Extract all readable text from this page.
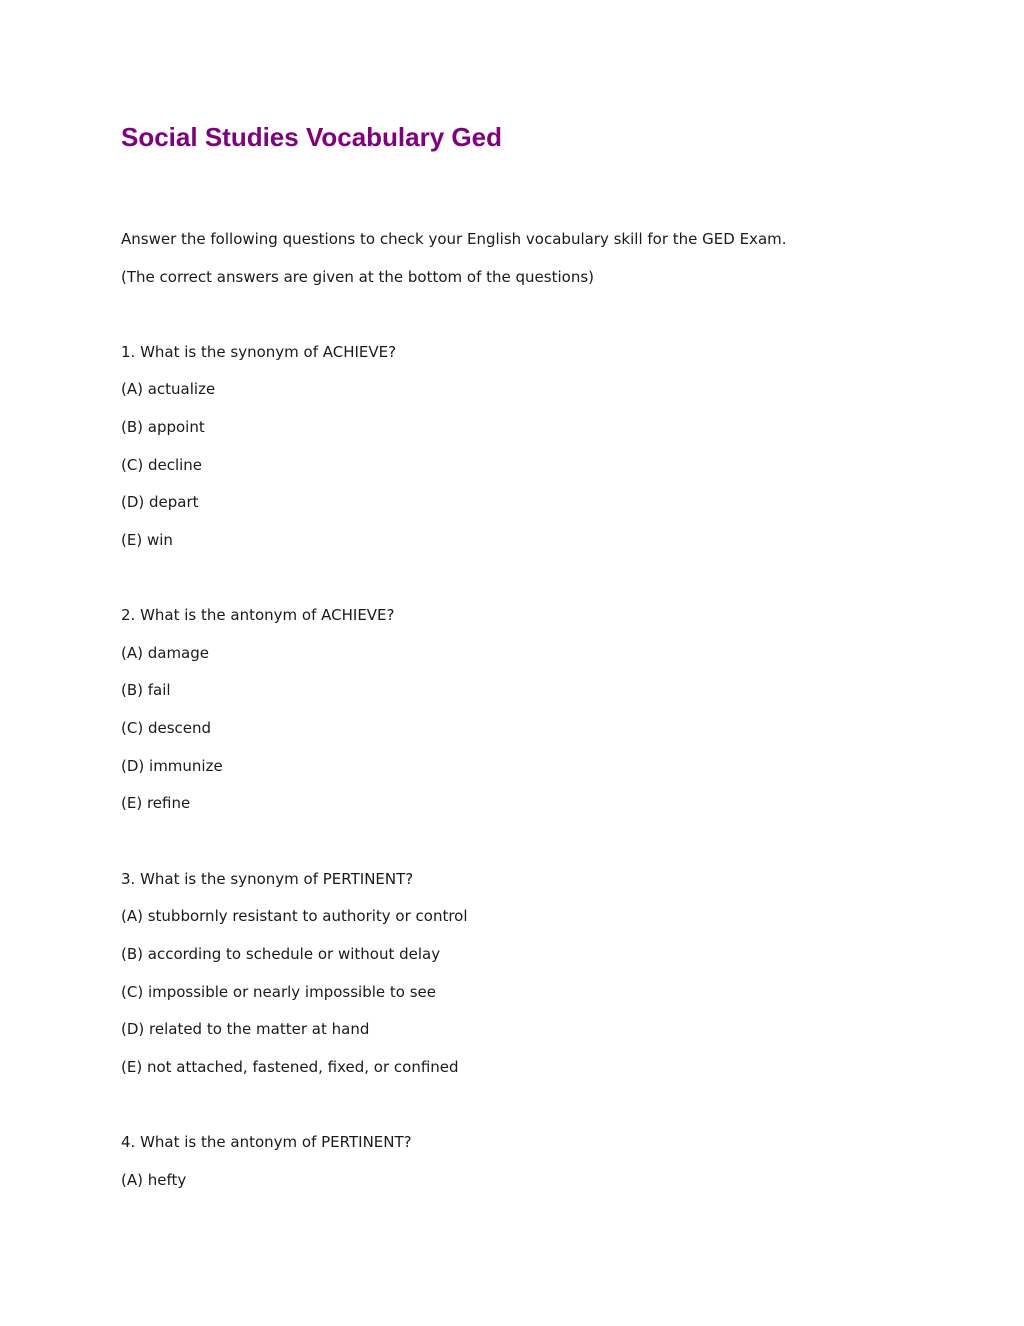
Social Studies Vocabulary Ged

Answer the following questions to check your English vocabulary skill for the GED Exam.

(The correct answers are given at the bottom of the questions)

1. What is the synonym of ACHIEVE?

(A) actualize

(B) appoint

(C) decline

(D) depart

(E) win

2. What is the antonym of ACHIEVE?

(A) damage

(B) fail

(C) descend

(D) immunize

(E) refine

3. What is the synonym of PERTINENT?

(A) stubbornly resistant to authority or control

(B) according to schedule or without delay

(C) impossible or nearly impossible to see

(D) related to the matter at hand

(E) not attached, fastened, fixed, or confined

4. What is the antonym of PERTINENT?

(A) hefty
